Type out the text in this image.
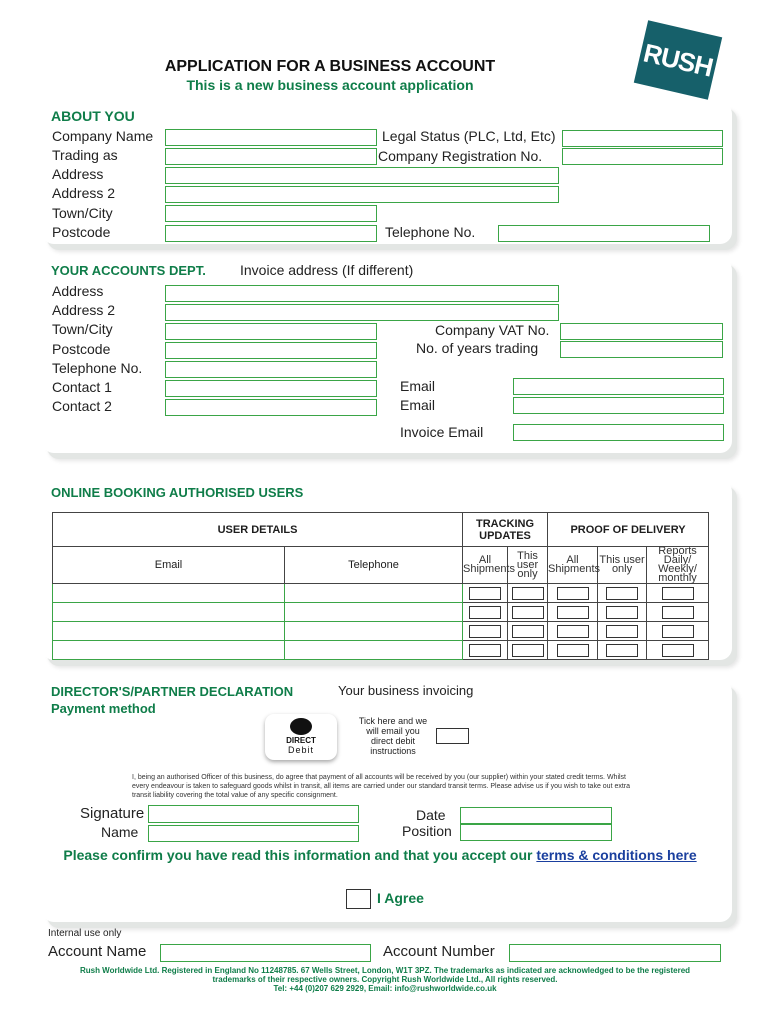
APPLICATION FOR A BUSINESS ACCOUNT
This is a new business account application
RUSH
ABOUT YOU
Company Name	Legal Status (PLC, Ltd, Etc)
Trading as	Company Registration No.
Address
Address 2
Town/City
Postcode	Telephone No.
YOUR ACCOUNTS DEPT. Invoice address (If different)
Address
Address 2
Town/City	Company VAT No.
Postcode	No. of years trading
Telephone No.
Contact 1	Email
Contact 2	Email
Invoice Email
ONLINE BOOKING AUTHORISED USERS
USER DETAILS		TRACKING UPDATES		PROOF OF DELIVERY		
Email	Telephone	All Shipments	This user only	All Shipments	This user only	Reports Daily/ Weekly/ monthly

DIRECTOR'S/PARTNER DECLARATION	Your business invoicing
Payment method
DIRECT
Debit
Tick here and we will email you direct debit instructions
I, being an authorised Officer of this business, do agree that payment of all accounts will be received by you (our supplier) within your stated credit terms. Whilst every endeavour is taken to safeguard goods whilst in transit, all items are carried under our standard transit terms. Please advise us if you wish to take out extra transit liability covering the total value of any specific consignment.
Signature	Date
Name	Position
Please confirm you have read this information and that you accept our terms & conditions here
I Agree
Internal use only
Account Name	Account Number
Rush Worldwide Ltd. Registered in England No 11248785. 67 Wells Street, London, W1T 3PZ. The trademarks as indicated are acknowledged to be the registered
trademarks of their respective owners. Copyright Rush Worldwide Ltd., All rights reserved.
Tel: +44 (0)207 629 2929, Email: info@rushworldwide.co.uk
